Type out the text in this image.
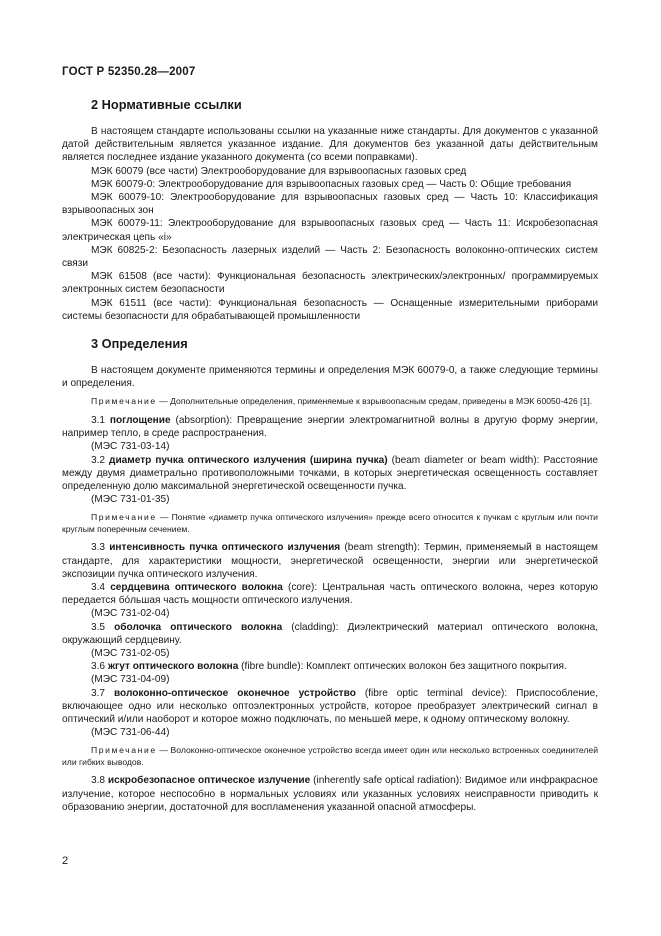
ГОСТ Р 52350.28—2007
2 Нормативные ссылки

В настоящем стандарте использованы ссылки на указанные ниже стандарты. Для документов с указанной датой действительным является указанное издание. Для документов без указанной даты действительным является последнее издание указанного документа (со всеми поправками).

МЭК 60079 (все части) Электрооборудование для взрывоопасных газовых сред

МЭК 60079-0: Электрооборудование для взрывоопасных газовых сред — Часть 0: Общие требования

МЭК 60079-10: Электрооборудование для взрывоопасных газовых сред — Часть 10: Классификация взрывоопасных зон

МЭК 60079-11: Электрооборудование для взрывоопасных газовых сред — Часть 11: Искробезопасная электрическая цепь «i»

МЭК 60825-2: Безопасность лазерных изделий — Часть 2: Безопасность волоконно-оптических систем связи

МЭК 61508 (все части): Функциональная безопасность электрических/электронных/ программируемых электронных систем безопасности

МЭК 61511 (все части): Функциональная безопасность — Оснащенные измерительными приборами системы безопасности для обрабатывающей промышленности

3 Определения

В настоящем документе применяются термины и определения МЭК 60079-0, а также следующие термины и определения.

Примечание — Дополнительные определения, применяемые к взрывоопасным средам, приведены в МЭК 60050-426 [1].

3.1 поглощение (absorption): Превращение энергии электромагнитной волны в другую форму энергии, например тепло, в среде распространения.

(МЭС 731-03-14)

3.2 диаметр пучка оптического излучения (ширина пучка) (beam diameter or beam width): Расстояние между двумя диаметрально противоположными точками, в которых энергетическая освещенность составляет определенную долю максимальной энергетической освещенности пучка.

(МЭС 731-01-35)

Примечание — Понятие «диаметр пучка оптического излучения» прежде всего относится к пучкам с круглым или почти круглым поперечным сечением.

3.3 интенсивность пучка оптического излучения (beam strength): Термин, применяемый в настоящем стандарте, для характеристики мощности, энергетической освещенности, энергии или энергетической экспозиции пучка оптического излучения.

3.4 сердцевина оптического волокна (core): Центральная часть оптического волокна, через которую передается бóльшая часть мощности оптического излучения.

(МЭС 731-02-04)

3.5 оболочка оптического волокна (cladding): Диэлектрический материал оптического волокна, окружающий сердцевину.

(МЭС 731-02-05)

3.6 жгут оптического волокна (fibre bundle): Комплект оптических волокон без защитного покрытия.

(МЭС 731-04-09)

3.7 волоконно-оптическое оконечное устройство (fibre optic terminal device): Приспособление, включающее одно или несколько оптоэлектронных устройств, которое преобразует электрический сигнал в оптический и/или наоборот и которое можно подключать, по меньшей мере, к одному оптическому волокну.

(МЭС 731-06-44)

Примечание — Волоконно-оптическое оконечное устройство всегда имеет один или несколько встроенных соединителей или гибких выводов.

3.8 искробезопасное оптическое излучение (inherently safe optical radiation): Видимое или инфракрасное излучение, которое неспособно в нормальных условиях или указанных условиях неисправности приводить к образованию энергии, достаточной для воспламенения указанной опасной атмосферы.

2
